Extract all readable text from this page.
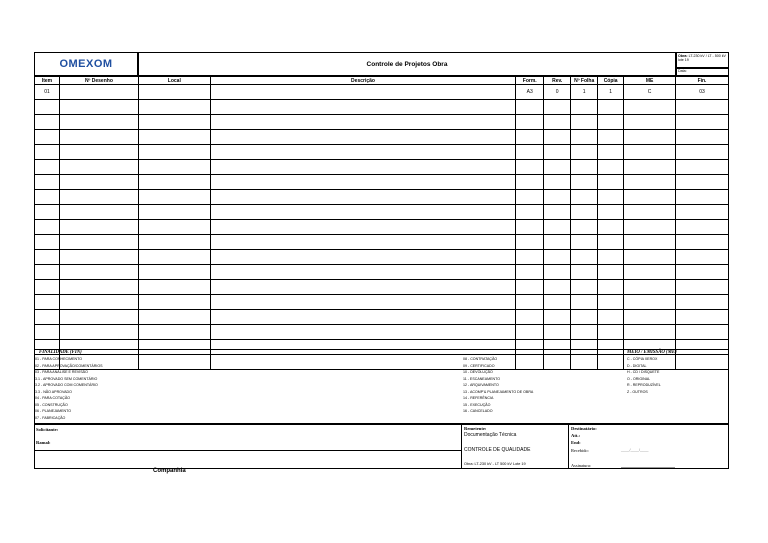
OMEXOM	Controle de Projetos Obra
Obra: LT-230 kV / LT - 500 kV lote 19
Data:
Item	Nº Desenho	Local	Descrição	Form.	Rev.	Nº Folha	Cópia	ME	Fin.
01				A3	0	1	1	C	03

FINALIDADE (FIN)
01 - PARA CONHECIMENTO
02 - PARA APROVAÇÃO/COMENTÁRIOS
03 - PARA ANÁLISE E REVISÃO
3.1 - APROVADO SEM COMENTÁRIO
3.2 - APROVADO COM COMENTÁRIO
3.3 - NÃO APROVADO
04 - PARA COTAÇÃO
05 - CONSTRUÇÃO
06 - PLANEJAMENTO
07 - FABRICAÇÃO
08 - CONTRATAÇÃO
09 - CERTIFICADO
10 - DEVOLUÇÃO
11 - ESCANEAMENTO
12 - ARQUIVAMENTO
13 - ACOMP'& PLANEJAMENTO DE OBRA
14 - REFERÊNCIA
15 - EXECUÇÃO
16 - CANCELADO
MEIO / EMISSÃO (ME)
C - CÓPIA XEROX
D - DIGITAL
H - CD / DISQUETE
O - ORIGINAL
R - REPRODUZÍVEL
Z - OUTROS
Solicitante:
Ramal:
Remetente:
Documentação Técnica
CONTROLE DE QUALIDADE
Obra: LT-230 kV - LT 500 kV Lote 19
Destinatário:
Att.:
End:
Recebido:	____/____/____
Assinatura:
Companhia
